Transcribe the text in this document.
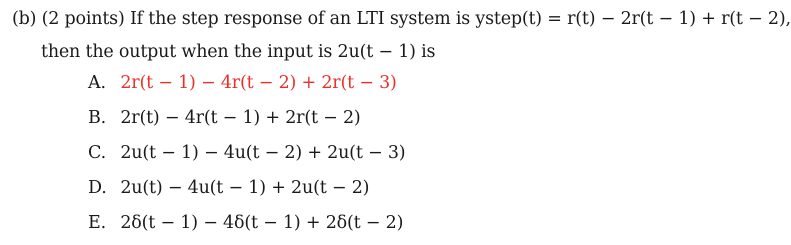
(b) (2 points) If the step response of an LTI system is ystep(t) = r(t) − 2r(t − 1) + r(t − 2),
then the output when the input is 2u(t − 1) is
A. 2r(t − 1) − 4r(t − 2) + 2r(t − 3)
B. 2r(t) − 4r(t − 1) + 2r(t − 2)
C. 2u(t − 1) − 4u(t − 2) + 2u(t − 3)
D. 2u(t) − 4u(t − 1) + 2u(t − 2)
E. 2δ(t − 1) − 4δ(t − 1) + 2δ(t − 2)
